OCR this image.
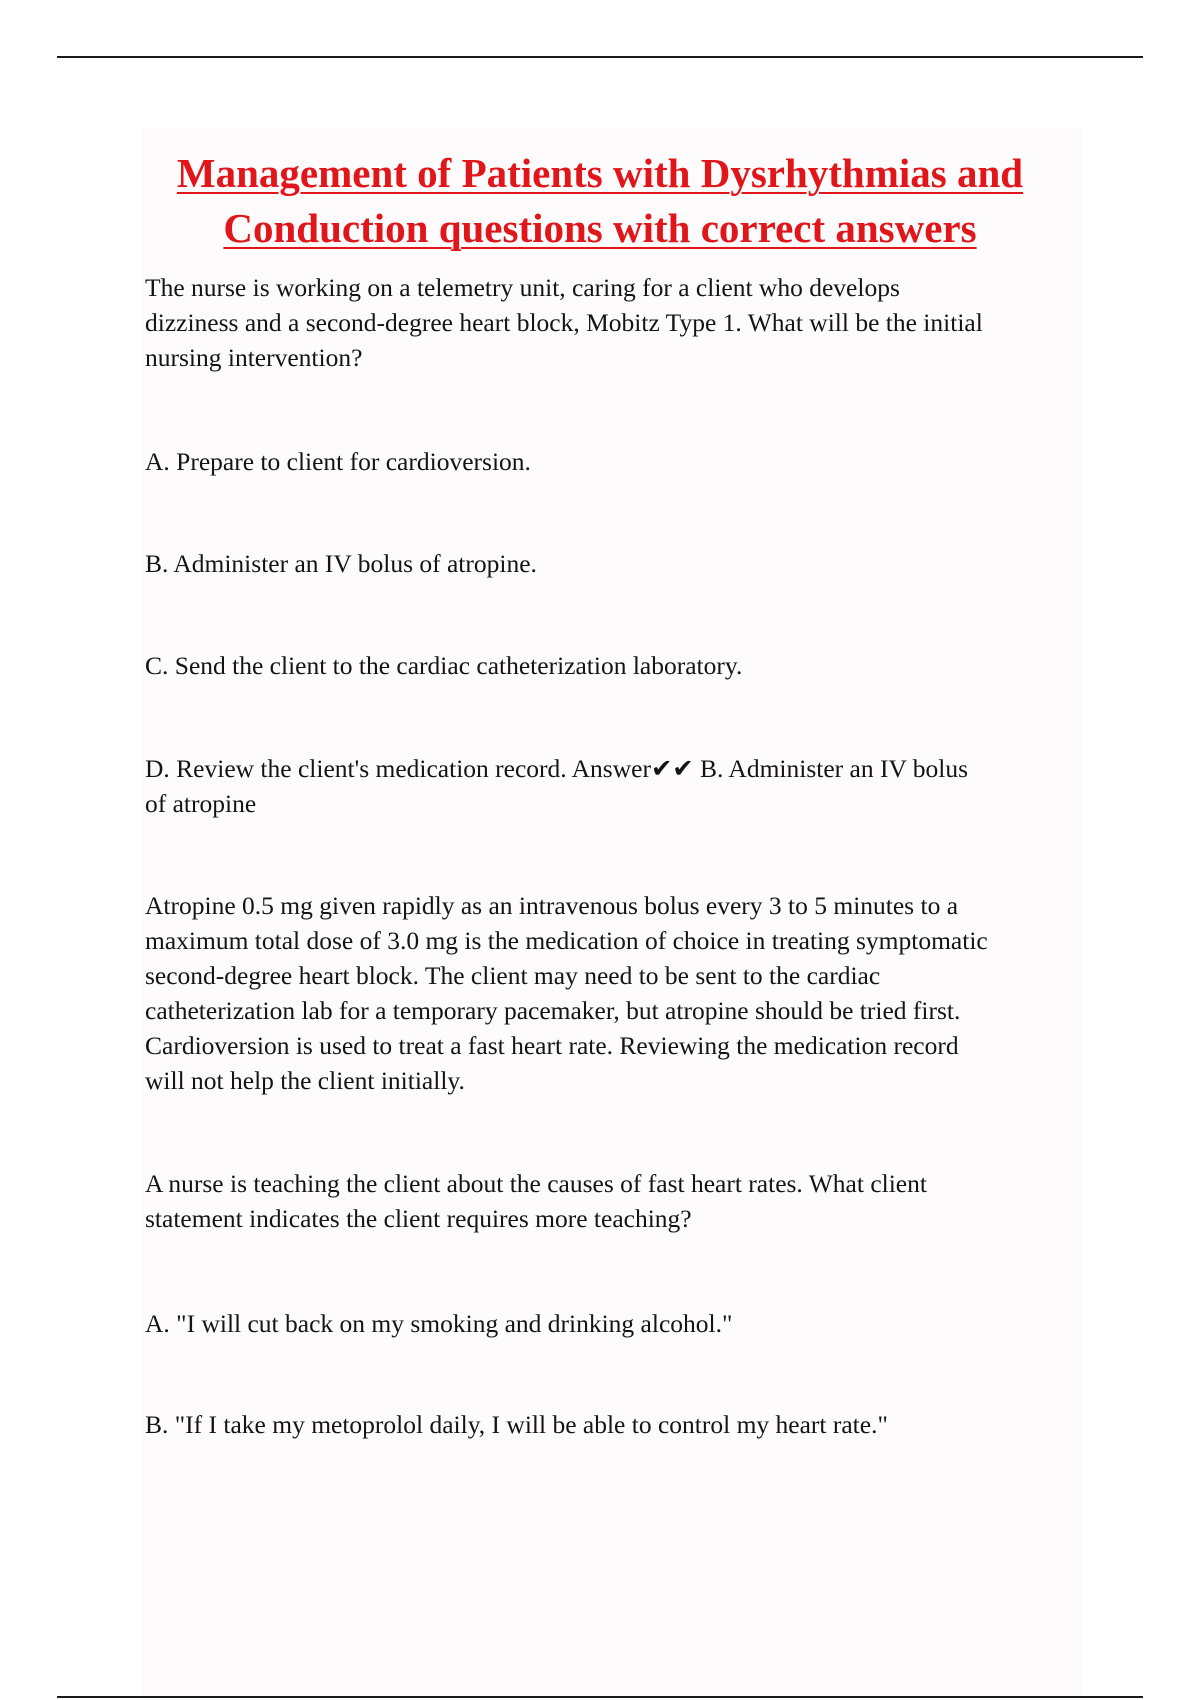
Management of Patients with Dysrhythmias and Conduction questions with correct answers

The nurse is working on a telemetry unit, caring for a client who develops
dizziness and a second-degree heart block, Mobitz Type 1. What will be the initial
nursing intervention?

A. Prepare to client for cardioversion.

B. Administer an IV bolus of atropine.

C. Send the client to the cardiac catheterization laboratory.

D. Review the client's medication record. Answer✔✔ B. Administer an IV bolus
of atropine

Atropine 0.5 mg given rapidly as an intravenous bolus every 3 to 5 minutes to a
maximum total dose of 3.0 mg is the medication of choice in treating symptomatic
second-degree heart block. The client may need to be sent to the cardiac
catheterization lab for a temporary pacemaker, but atropine should be tried first.
Cardioversion is used to treat a fast heart rate. Reviewing the medication record
will not help the client initially.

A nurse is teaching the client about the causes of fast heart rates. What client
statement indicates the client requires more teaching?

A. "I will cut back on my smoking and drinking alcohol."

B. "If I take my metoprolol daily, I will be able to control my heart rate."
